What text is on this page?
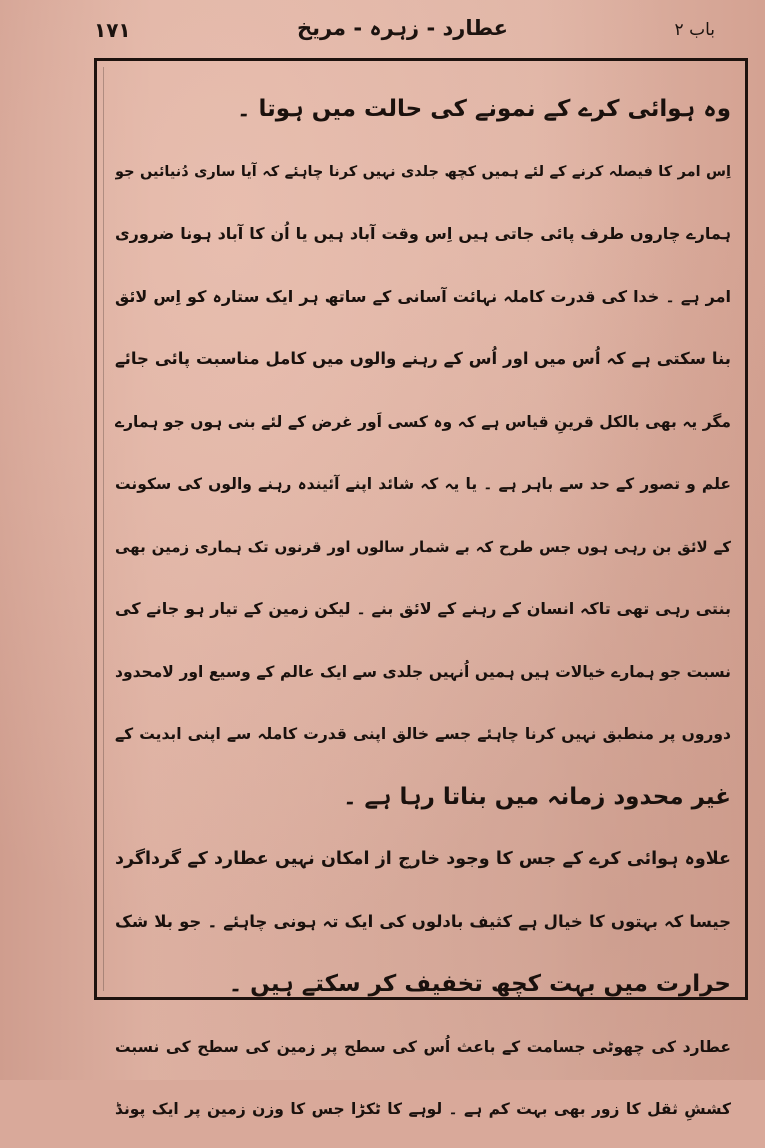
۱۷۱	عطارد - زہرہ - مریخ	باب ۲
وہ ہوائی کرے کے نمونے کی حالت میں ہوتا ۔
اِس امر کا فیصلہ کرنے کے لئے ہمیں کچھ جلدی نہیں کرنا چاہئے کہ آیا ساری دُنیائیں جو
ہمارے چاروں طرف پائی جاتی ہیں اِس وقت آباد ہیں یا اُن کا آباد ہونا ضروری
امر ہے ۔ خدا کی قدرت کاملہ نہائت آسانی کے ساتھ ہر ایک ستارہ کو اِس لائق
بنا سکتی ہے کہ اُس میں اور اُس کے رہنے والوں میں کامل مناسبت پائی جائے
مگر یہ بھی بالکل قرینِ قیاس ہے کہ وہ کسی اَور غرض کے لئے بنی ہوں جو ہمارے
علم و تصور کے حد سے باہر ہے ۔ یا یہ کہ شائد اپنے آئیندہ رہنے والوں کی سکونت
کے لائق بن رہی ہوں جس طرح کہ بے شمار سالوں اور قرنوں تک ہماری زمین بھی
بنتی رہی تھی تاکہ انسان کے رہنے کے لائق بنے ۔ لیکن زمین کے تیار ہو جانے کی
نسبت جو ہمارے خیالات ہیں ہمیں اُنہیں جلدی سے ایک عالم کے وسیع اور لامحدود
دوروں پر منطبق نہیں کرنا چاہئے جسے خالق اپنی قدرت کاملہ سے اپنی ابدیت کے
غیر محدود زمانہ میں بناتا رہا ہے ۔
علاوہ ہوائی کرے کے جس کا وجود خارج از امکان نہیں عطارد کے گرداگرد
جیسا کہ بہتوں کا خیال ہے کثیف بادلوں کی ایک تہ ہونی چاہئے ۔ جو بلا شک
حرارت میں بہت کچھ تخفیف کر سکتے ہیں ۔
عطارد کی چھوٹی جسامت کے باعث اُس کی سطح پر زمین کی سطح کی نسبت
کششِ ثقل کا زور بھی بہت کم ہے ۔ لوہے کا ٹکڑا جس کا وزن زمین پر ایک پونڈ
